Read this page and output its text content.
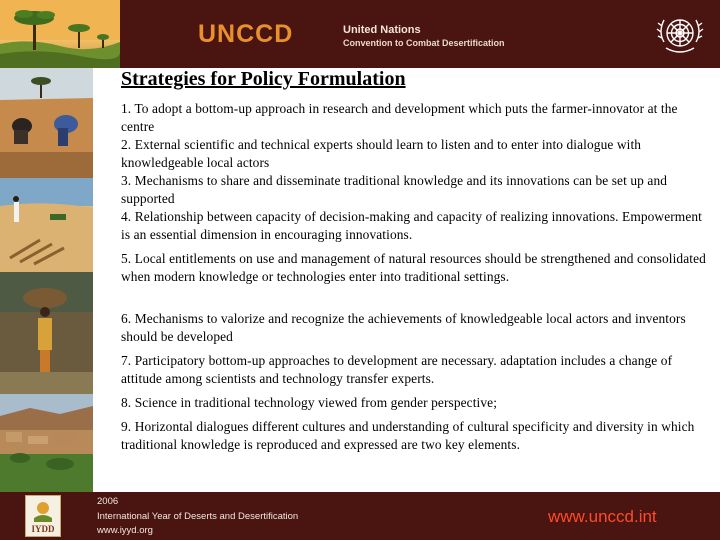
UNCCD	United Nations
Convention to Combat Desertification
Strategies for Policy Formulation
1. To adopt a bottom-up approach in research and development which puts the farmer-innovator at the centre
2. External scientific and technical experts should learn to listen and to enter into dialogue with knowledgeable local actors
3. Mechanisms to share and disseminate traditional knowledge and its innovations can be set up and supported
4. Relationship between capacity of decision-making and capacity of realizing innovations. Empowerment is an essential dimension in encouraging innovations.
5. Local entitlements on use and management of natural resources should be strengthened and consolidated when modern knowledge or technologies enter into traditional settings.
6. Mechanisms to valorize and recognize the achievements of knowledgeable local actors and inventors should be developed
7. Participatory bottom-up approaches to development are necessary. adaptation includes a change of attitude among scientists and technology transfer experts.
8. Science in traditional technology viewed from gender perspective;
9. Horizontal dialogues different cultures and understanding of cultural specificity and diversity in which traditional knowledge is reproduced and expressed are two key elements.
IYDD
2006
International Year of Deserts and Desertification
www.iyyd.org
www.unccd.int
